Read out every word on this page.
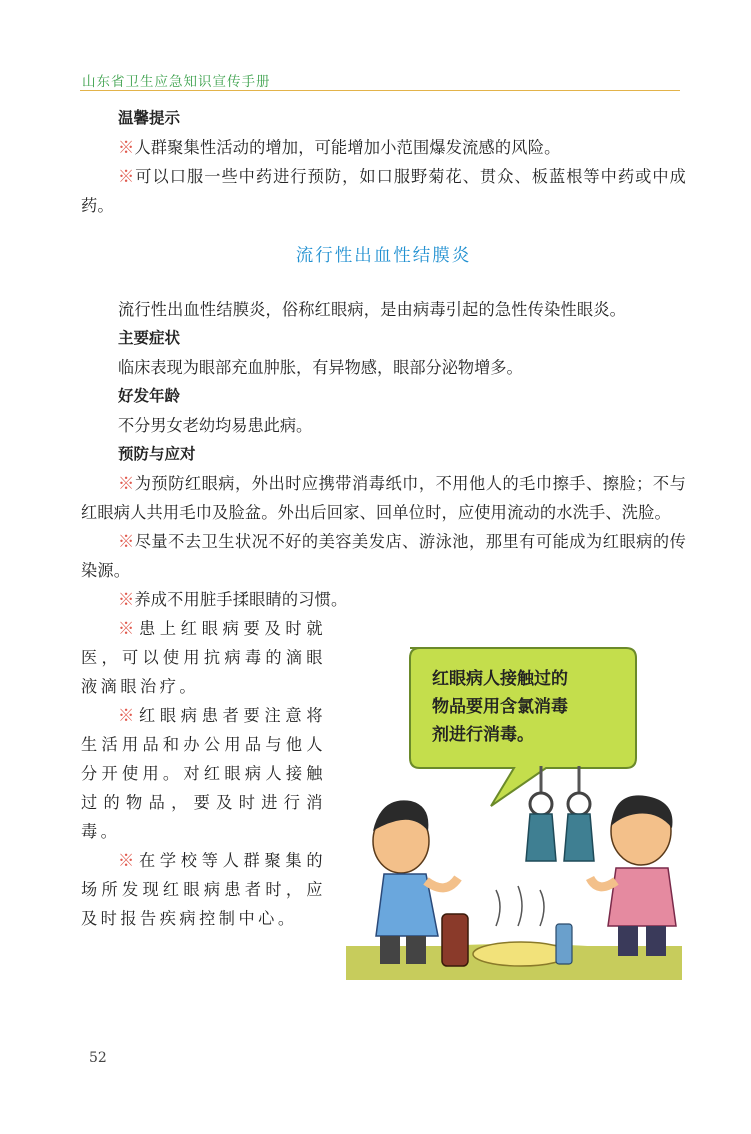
山东省卫生应急知识宣传手册
温馨提示

※人群聚集性活动的增加，可能增加小范围爆发流感的风险。

※可以口服一些中药进行预防，如口服野菊花、贯众、板蓝根等中药或中成药。

流行性出血性结膜炎

流行性出血性结膜炎，俗称红眼病，是由病毒引起的急性传染性眼炎。

主要症状

临床表现为眼部充血肿胀，有异物感，眼部分泌物增多。

好发年龄

不分男女老幼均易患此病。

预防与应对

※为预防红眼病，外出时应携带消毒纸巾，不用他人的毛巾擦手、擦脸；不与红眼病人共用毛巾及脸盆。外出后回家、回单位时，应使用流动的水洗手、洗脸。

※尽量不去卫生状况不好的美容美发店、游泳池，那里有可能成为红眼病的传染源。

※养成不用脏手揉眼睛的习惯。

※患上红眼病要及时就医，可以使用抗病毒的滴眼液滴眼治疗。

※红眼病患者要注意将生活用品和办公用品与他人分开使用。对红眼病人接触过的物品，要及时进行消毒。

※在学校等人群聚集的场所发现红眼病患者时，应及时报告疾病控制中心。

红眼病人接触过的
物品要用含氯消毒
剂进行消毒。
52
